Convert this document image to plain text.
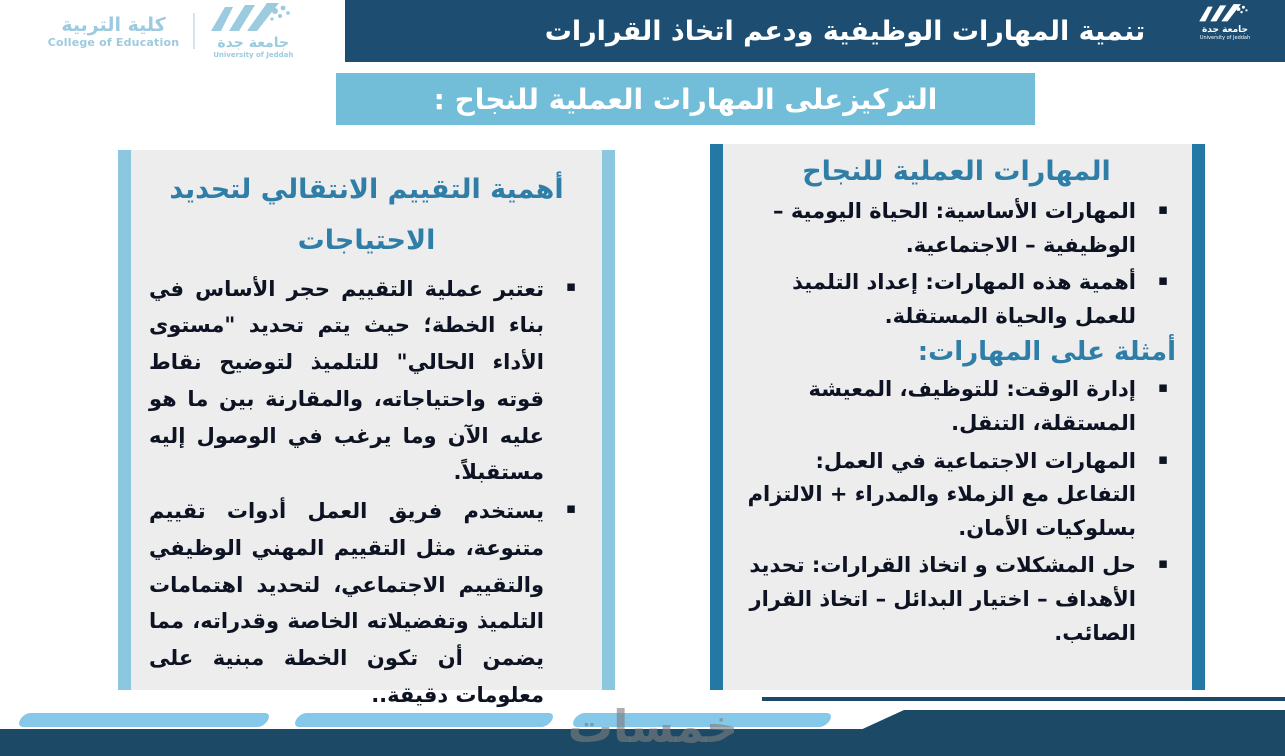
كلية التربية
College of Education	جامعة جدة
University of Jeddah
تنمية المهارات الوظيفية ودعم اتخاذ القرارات	جامعة جدة
University of Jeddah
التركيزعلى المهارات العملية للنجاح :
المهارات العملية للنجاح
▪ المهارات الأساسية: الحياة اليومية – الوظيفية – الاجتماعية.
▪ أهمية هذه المهارات: إعداد التلميذ للعمل والحياة المستقلة.
أمثلة على المهارات:
▪ إدارة الوقت: للتوظيف، المعيشة المستقلة، التنقل.
▪ المهارات الاجتماعية في العمل: التفاعل مع الزملاء والمدراء + الالتزام بسلوكيات الأمان.
▪ حل المشكلات و اتخاذ القرارات: تحديد الأهداف – اختيار البدائل – اتخاذ القرار الصائب.
أهمية التقييم الانتقالي لتحديد الاحتياجات
▪ تعتبر عملية التقييم حجر الأساس في بناء الخطة؛ حيث يتم تحديد "مستوى الأداء الحالي" للتلميذ لتوضيح نقاط قوته واحتياجاته، والمقارنة بين ما هو عليه الآن وما يرغب في الوصول إليه مستقبلاً.
▪ يستخدم فريق العمل أدوات تقييم متنوعة، مثل التقييم المهني الوظيفي والتقييم الاجتماعي، لتحديد اهتمامات التلميذ وتفضيلاته الخاصة وقدراته، مما يضمن أن تكون الخطة مبنية على معلومات دقيقة..
خمسات
